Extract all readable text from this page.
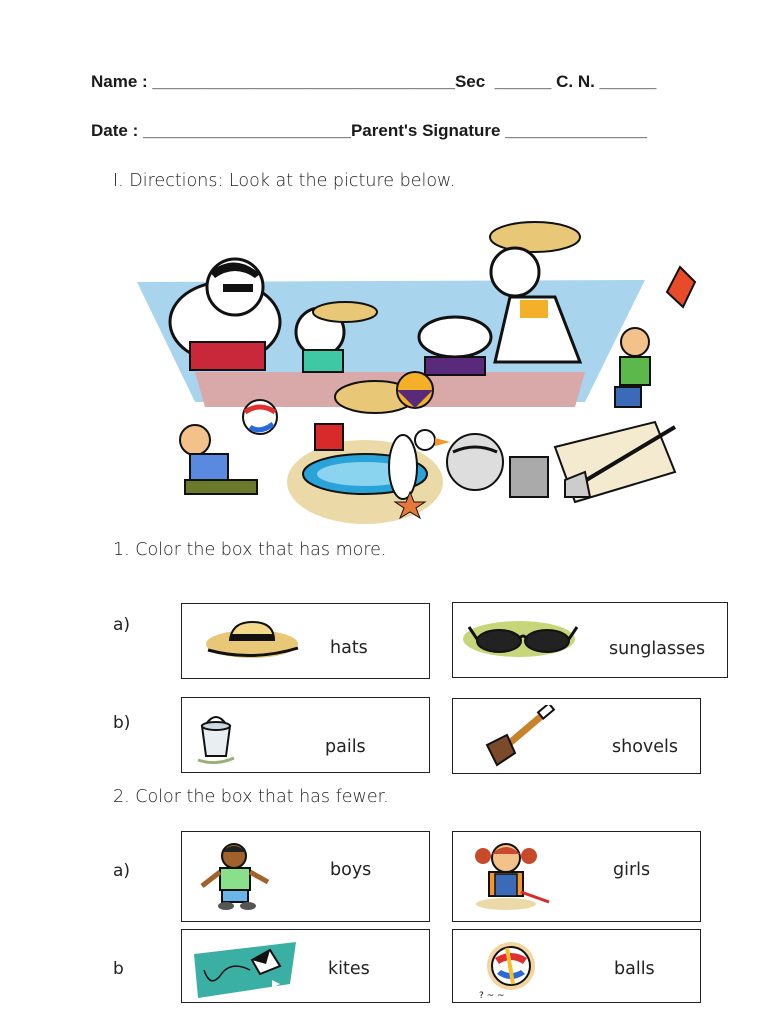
Name : ________________________________Sec  ______ C. N. ______
Date : ______________________Parent's Signature _______________
I. Directions: Look at the picture below.
1. Color the box that has more.
a)
hats	sunglasses
b)
pails	shovels
2. Color the box that has fewer.
a)	boys	girls
b	kites
? ~ ~
balls
